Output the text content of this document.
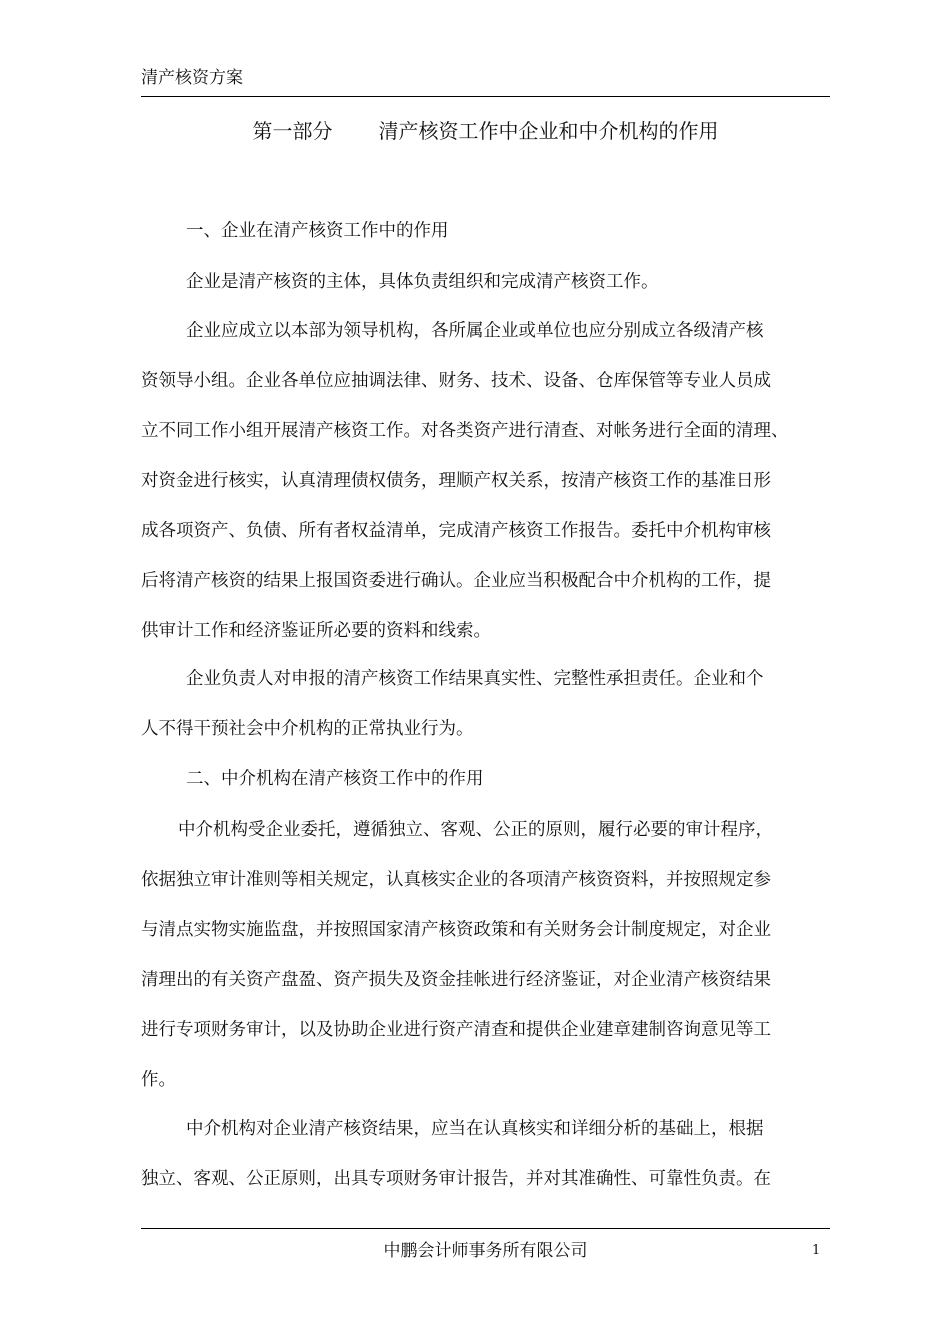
清产核资方案
第一部分 清产核资工作中企业和中介机构的作用
一、企业在清产核资工作中的作用
企业是清产核资的主体，具体负责组织和完成清产核资工作。
企业应成立以本部为领导机构，各所属企业或单位也应分别成立各级清产核
资领导小组。企业各单位应抽调法律、财务、技术、设备、仓库保管等专业人员成
立不同工作小组开展清产核资工作。对各类资产进行清查、对帐务进行全面的清理、
对资金进行核实，认真清理债权债务，理顺产权关系，按清产核资工作的基准日形
成各项资产、负债、所有者权益清单，完成清产核资工作报告。委托中介机构审核
后将清产核资的结果上报国资委进行确认。企业应当积极配合中介机构的工作，提
供审计工作和经济鉴证所必要的资料和线索。
企业负责人对申报的清产核资工作结果真实性、完整性承担责任。企业和个
人不得干预社会中介机构的正常执业行为。
二、中介机构在清产核资工作中的作用
中介机构受企业委托，遵循独立、客观、公正的原则，履行必要的审计程序，
依据独立审计准则等相关规定，认真核实企业的各项清产核资资料，并按照规定参
与清点实物实施监盘，并按照国家清产核资政策和有关财务会计制度规定，对企业
清理出的有关资产盘盈、资产损失及资金挂帐进行经济鉴证，对企业清产核资结果
进行专项财务审计，以及协助企业进行资产清查和提供企业建章建制咨询意见等工
作。
中介机构对企业清产核资结果，应当在认真核实和详细分析的基础上，根据
独立、客观、公正原则，出具专项财务审计报告，并对其准确性、可靠性负责。在
中鹏会计师事务所有限公司	1
